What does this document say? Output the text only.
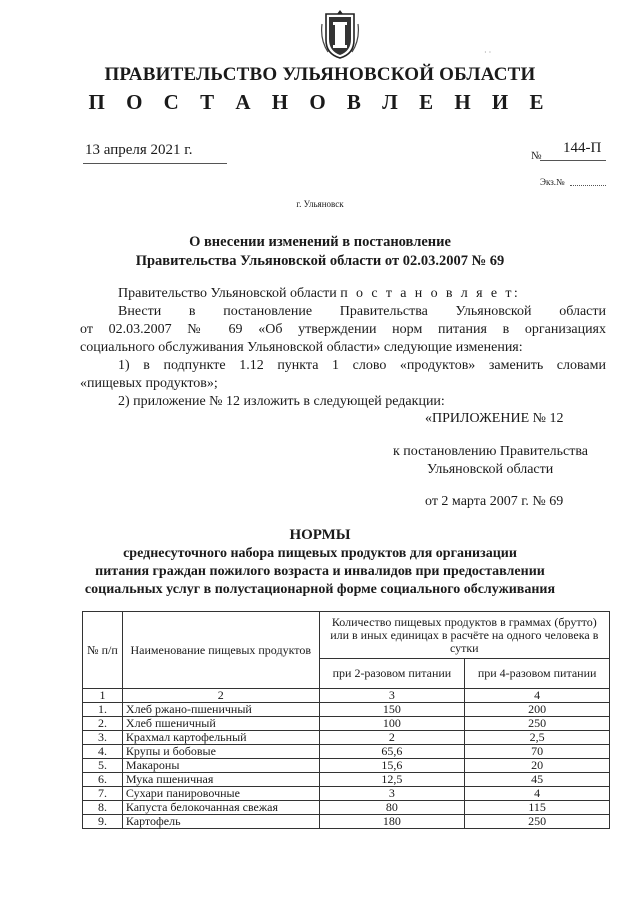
· ·
ПРАВИТЕЛЬСТВО УЛЬЯНОВСКОЙ ОБЛАСТИ
П О С Т А Н О В Л Е Н И Е
13 апреля 2021 г.	№ 144-П
Экз.№
г. Ульяновск
О внесении изменений в постановление
Правительства Ульяновской области от 02.03.2007 № 69
Правительство Ульяновской области п о с т а н о в л я е т:
Внести в постановление Правительства Ульяновской области
от 02.03.2007 № 69 «Об утверждении норм питания в организациях
социального обслуживания Ульяновской области» следующие изменения:
1) в подпункте 1.12 пункта 1 слово «продуктов» заменить словами
«пищевых продуктов»;
2) приложение № 12 изложить в следующей редакции:
«ПРИЛОЖЕНИЕ № 12
к постановлению Правительства
Ульяновской области
от 2 марта 2007 г. № 69
НОРМЫ
среднесуточного набора пищевых продуктов для организации
питания граждан пожилого возраста и инвалидов при предоставлении
социальных услуг в полустационарной форме социального обслуживания
№ п/п	Наименование пищевых продуктов	Количество пищевых продуктов в граммах (брутто) или в иных единицах в расчёте на одного человека в сутки	
		при 2-разовом питании	при 4-разовом питании
1	2	3	4
1.	Хлеб ржано-пшеничный	150	200
2.	Хлеб пшеничный	100	250
3.	Крахмал картофельный	2	2,5
4.	Крупы и бобовые	65,6	70
5.	Макароны	15,6	20
6.	Мука пшеничная	12,5	45
7.	Сухари панировочные	3	4
8.	Капуста белокочанная свежая	80	115
9.	Картофель	180	250
